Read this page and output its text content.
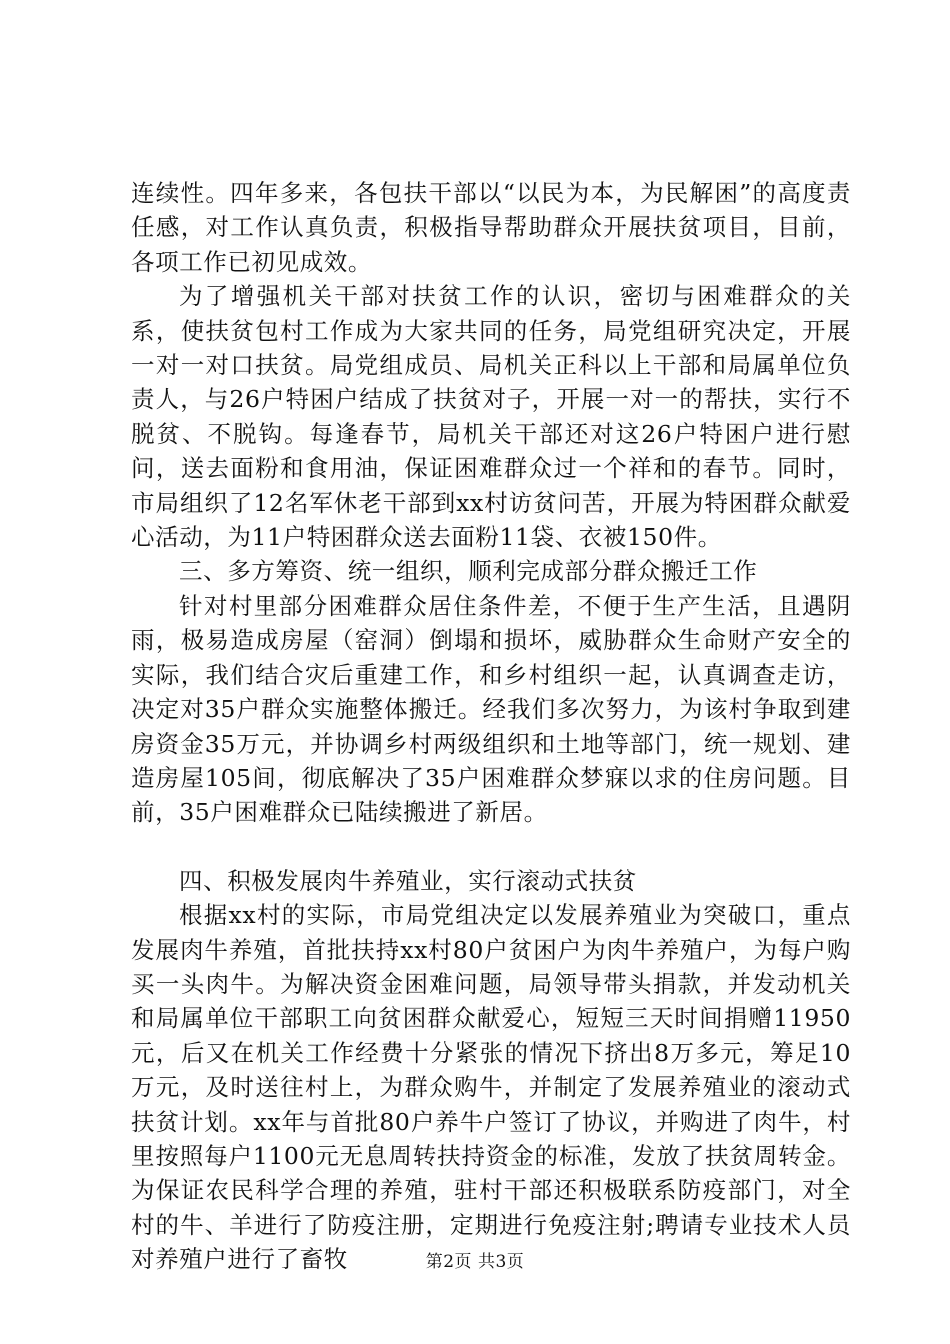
连续性。四年多来，各包扶干部以“以民为本，为民解困”的高度责任感，对工作认真负责，积极指导帮助群众开展扶贫项目，目前，各项工作已初见成效。

为了增强机关干部对扶贫工作的认识，密切与困难群众的关系，使扶贫包村工作成为大家共同的任务，局党组研究决定，开展一对一对口扶贫。局党组成员、局机关正科以上干部和局属单位负责人，与26户特困户结成了扶贫对子，开展一对一的帮扶，实行不脱贫、不脱钩。每逢春节，局机关干部还对这26户特困户进行慰问，送去面粉和食用油，保证困难群众过一个祥和的春节。同时，市局组织了12名军休老干部到xx村访贫问苦，开展为特困群众献爱心活动，为11户特困群众送去面粉11袋、衣被150件。

三、多方筹资、统一组织，顺利完成部分群众搬迁工作

针对村里部分困难群众居住条件差，不便于生产生活，且遇阴雨，极易造成房屋（窑洞）倒塌和损坏，威胁群众生命财产安全的实际，我们结合灾后重建工作，和乡村组织一起，认真调查走访，决定对35户群众实施整体搬迁。经我们多次努力，为该村争取到建房资金35万元，并协调乡村两级组织和土地等部门，统一规划、建造房屋105间，彻底解决了35户困难群众梦寐以求的住房问题。目前，35户困难群众已陆续搬进了新居。

四、积极发展肉牛养殖业，实行滚动式扶贫

根据xx村的实际，市局党组决定以发展养殖业为突破口，重点发展肉牛养殖，首批扶持xx村80户贫困户为肉牛养殖户，为每户购买一头肉牛。为解决资金困难问题，局领导带头捐款，并发动机关和局属单位干部职工向贫困群众献爱心，短短三天时间捐赠11950元，后又在机关工作经费十分紧张的情况下挤出8万多元，筹足10万元，及时送往村上，为群众购牛，并制定了发展养殖业的滚动式扶贫计划。xx年与首批80户养牛户签订了协议，并购进了肉牛，村里按照每户1100元无息周转扶持资金的标准，发放了扶贫周转金。为保证农民科学合理的养殖，驻村干部还积极联系防疫部门，对全村的牛、羊进行了防疫注册，定期进行免疫注射;聘请专业技术人员对养殖户进行了畜牧	第2页 共3页
